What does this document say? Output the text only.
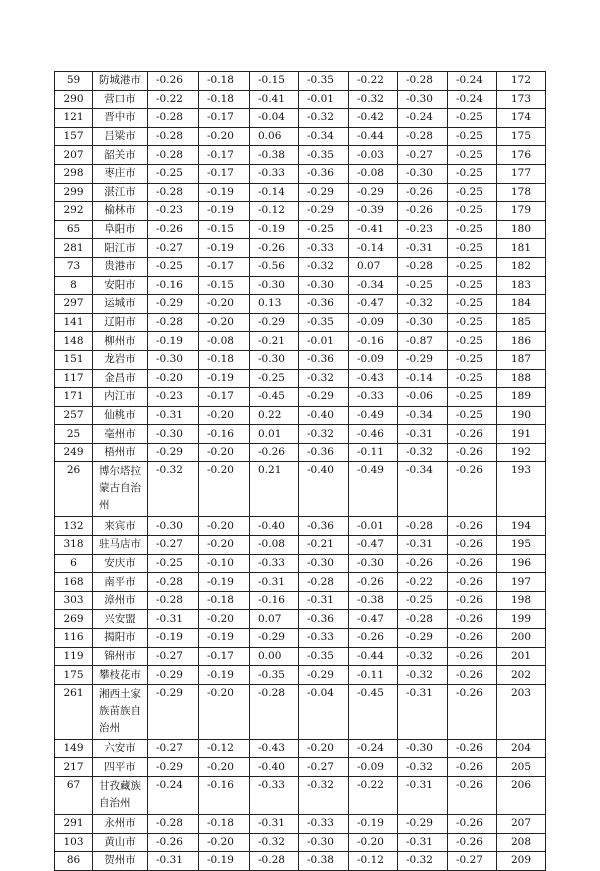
59	防城港市	-0.26	-0.18	-0.15	-0.35	-0.22	-0.28	-0.24	172
290	营口市	-0.22	-0.18	-0.41	-0.01	-0.32	-0.30	-0.24	173
121	晋中市	-0.28	-0.17	-0.04	-0.32	-0.42	-0.24	-0.25	174
157	吕梁市	-0.28	-0.20	0.06	-0.34	-0.44	-0.28	-0.25	175
207	韶关市	-0.28	-0.17	-0.38	-0.35	-0.03	-0.27	-0.25	176
298	枣庄市	-0.25	-0.17	-0.33	-0.36	-0.08	-0.30	-0.25	177
299	湛江市	-0.28	-0.19	-0.14	-0.29	-0.29	-0.26	-0.25	178
292	榆林市	-0.23	-0.19	-0.12	-0.29	-0.39	-0.26	-0.25	179
65	阜阳市	-0.26	-0.15	-0.19	-0.25	-0.41	-0.23	-0.25	180
281	阳江市	-0.27	-0.19	-0.26	-0.33	-0.14	-0.31	-0.25	181
73	贵港市	-0.25	-0.17	-0.56	-0.32	0.07	-0.28	-0.25	182
8	安阳市	-0.16	-0.15	-0.30	-0.30	-0.34	-0.25	-0.25	183
297	运城市	-0.29	-0.20	0.13	-0.36	-0.47	-0.32	-0.25	184
141	辽阳市	-0.28	-0.20	-0.29	-0.35	-0.09	-0.30	-0.25	185
148	柳州市	-0.19	-0.08	-0.21	-0.01	-0.16	-0.87	-0.25	186
151	龙岩市	-0.30	-0.18	-0.30	-0.36	-0.09	-0.29	-0.25	187
117	金昌市	-0.20	-0.19	-0.25	-0.32	-0.43	-0.14	-0.25	188
171	内江市	-0.23	-0.17	-0.45	-0.29	-0.33	-0.06	-0.25	189
257	仙桃市	-0.31	-0.20	0.22	-0.40	-0.49	-0.34	-0.25	190
25	亳州市	-0.30	-0.16	0.01	-0.32	-0.46	-0.31	-0.26	191
249	梧州市	-0.29	-0.20	-0.26	-0.36	-0.11	-0.32	-0.26	192
26	博尔塔拉蒙古自治州	-0.32	-0.20	0.21	-0.40	-0.49	-0.34	-0.26	193
132	来宾市	-0.30	-0.20	-0.40	-0.36	-0.01	-0.28	-0.26	194
318	驻马店市	-0.27	-0.20	-0.08	-0.21	-0.47	-0.31	-0.26	195
6	安庆市	-0.25	-0.10	-0.33	-0.30	-0.30	-0.26	-0.26	196
168	南平市	-0.28	-0.19	-0.31	-0.28	-0.26	-0.22	-0.26	197
303	漳州市	-0.28	-0.18	-0.16	-0.31	-0.38	-0.25	-0.26	198
269	兴安盟	-0.31	-0.20	0.07	-0.36	-0.47	-0.28	-0.26	199
116	揭阳市	-0.19	-0.19	-0.29	-0.33	-0.26	-0.29	-0.26	200
119	锦州市	-0.27	-0.17	0.00	-0.35	-0.44	-0.32	-0.26	201
175	攀枝花市	-0.29	-0.19	-0.35	-0.29	-0.11	-0.32	-0.26	202
261	湘西土家族苗族自治州	-0.29	-0.20	-0.28	-0.04	-0.45	-0.31	-0.26	203
149	六安市	-0.27	-0.12	-0.43	-0.20	-0.24	-0.30	-0.26	204
217	四平市	-0.29	-0.20	-0.40	-0.27	-0.09	-0.32	-0.26	205
67	甘孜藏族自治州	-0.24	-0.16	-0.33	-0.32	-0.22	-0.31	-0.26	206
291	永州市	-0.28	-0.18	-0.31	-0.33	-0.19	-0.29	-0.26	207
103	黄山市	-0.26	-0.20	-0.32	-0.30	-0.20	-0.31	-0.26	208
86	贺州市	-0.31	-0.19	-0.28	-0.38	-0.12	-0.32	-0.27	209
